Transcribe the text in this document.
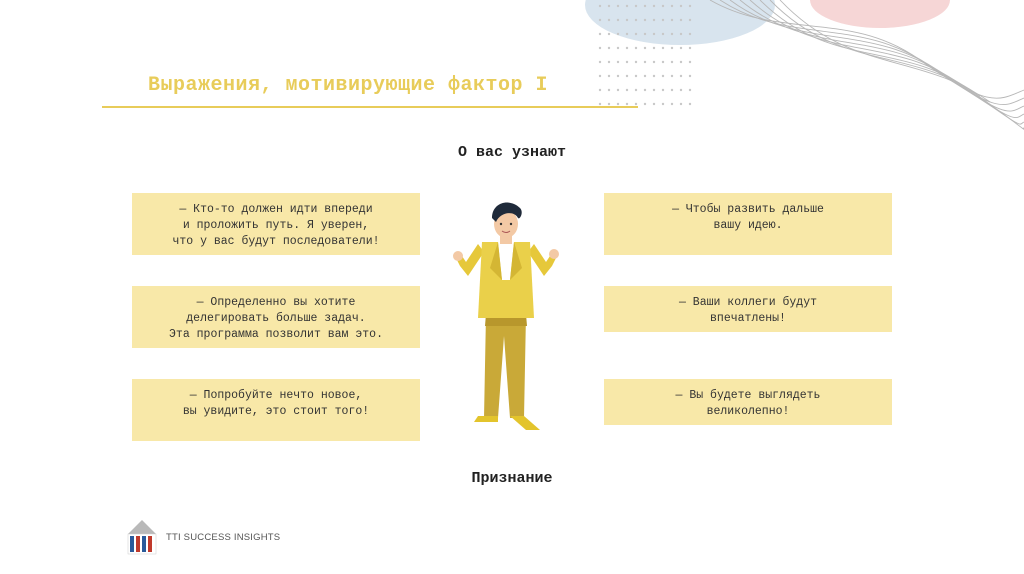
Выражения, мотивирующие фактор I
О вас узнают
— Кто-то должен идти впереди
и проложить путь. Я уверен,
что у вас будут последователи!
— Определенно вы хотите
делегировать больше задач.
Эта программа позволит вам это.
— Попробуйте нечто новое,
вы увидите, это стоит того!
— Чтобы развить дальше
вашу идею.
— Ваши коллеги будут
впечатлены!
— Вы будете выглядеть
великолепно!
Признание
TTI SUCCESS INSIGHTS
